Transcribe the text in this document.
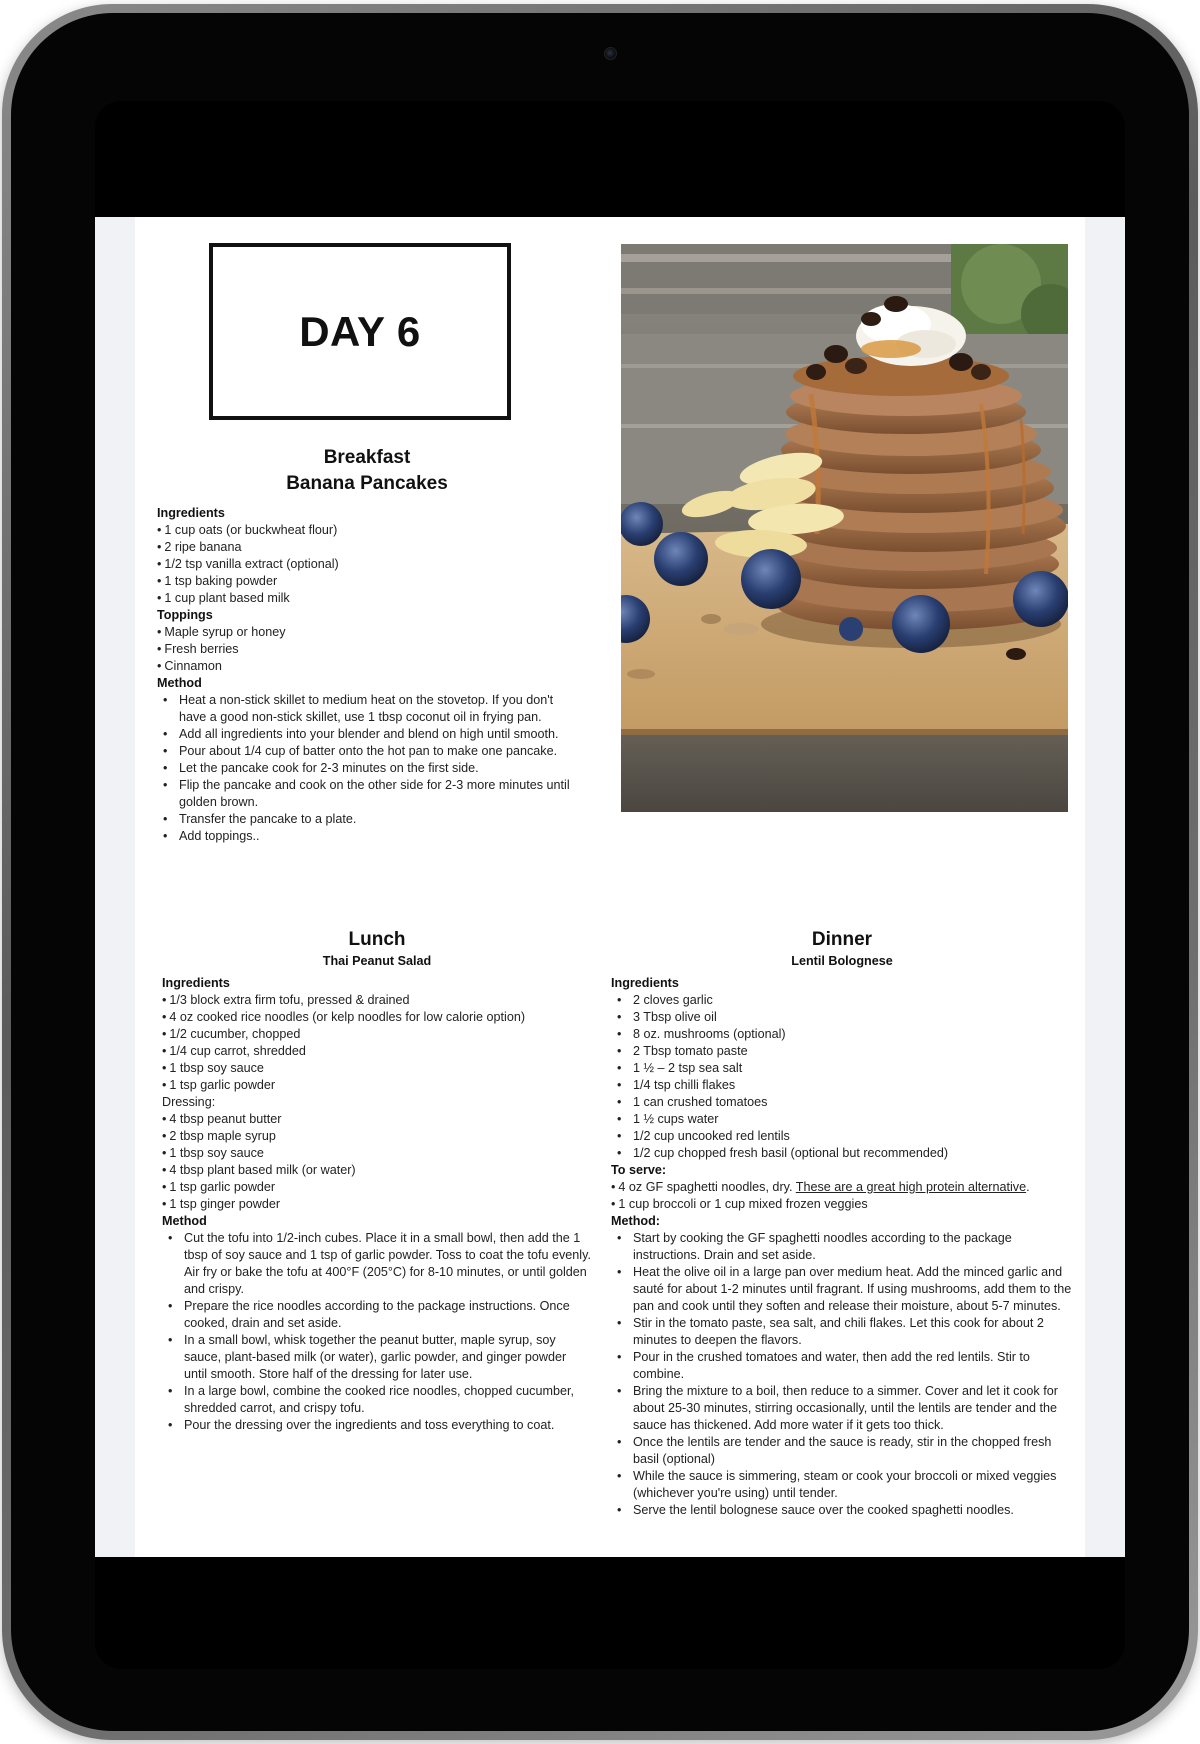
DAY 6
Breakfast
Banana Pancakes
Ingredients
• 1 cup oats (or buckwheat flour)
• 2 ripe banana
• 1/2 tsp vanilla extract (optional)
• 1 tsp baking powder
• 1 cup plant based milk
Toppings
• Maple syrup or honey
• Fresh berries
• Cinnamon
Method
• Heat a non-stick skillet to medium heat on the stovetop. If you don't have a good non-stick skillet, use 1 tbsp coconut oil in frying pan.
• Add all ingredients into your blender and blend on high until smooth.
• Pour about 1/4 cup of batter onto the hot pan to make one pancake.
• Let the pancake cook for 2-3 minutes on the first side.
• Flip the pancake and cook on the other side for 2-3 more minutes until golden brown.
• Transfer the pancake to a plate.
• Add toppings..
Lunch
Thai Peanut Salad
Ingredients
• 1/3 block extra firm tofu, pressed & drained
• 4 oz cooked rice noodles (or kelp noodles for low calorie option)
• 1/2 cucumber, chopped
• 1/4 cup carrot, shredded
• 1 tbsp soy sauce
• 1 tsp garlic powder
Dressing:
• 4 tbsp peanut butter
• 2 tbsp maple syrup
• 1 tbsp soy sauce
• 4 tbsp plant based milk (or water)
• 1 tsp garlic powder
• 1 tsp ginger powder
Method
• Cut the tofu into 1/2-inch cubes. Place it in a small bowl, then add the 1 tbsp of soy sauce and 1 tsp of garlic powder. Toss to coat the tofu evenly. Air fry or bake the tofu at 400°F (205°C) for 8-10 minutes, or until golden and crispy.
• Prepare the rice noodles according to the package instructions. Once cooked, drain and set aside.
• In a small bowl, whisk together the peanut butter, maple syrup, soy sauce, plant-based milk (or water), garlic powder, and ginger powder until smooth. Store half of the dressing for later use.
• In a large bowl, combine the cooked rice noodles, chopped cucumber, shredded carrot, and crispy tofu.
• Pour the dressing over the ingredients and toss everything to coat.
Dinner
Lentil Bolognese
Ingredients
• 2 cloves garlic
• 3 Tbsp olive oil
• 8 oz. mushrooms (optional)
• 2 Tbsp tomato paste
• 1 ½ – 2 tsp sea salt
• 1/4 tsp chilli flakes
• 1 can crushed tomatoes
• 1 ½ cups water
• 1/2 cup uncooked red lentils
• 1/2 cup chopped fresh basil (optional but recommended)
To serve:
• 4 oz GF spaghetti noodles, dry. These are a great high protein alternative.
• 1 cup broccoli or 1 cup mixed frozen veggies
Method:
• Start by cooking the GF spaghetti noodles according to the package instructions. Drain and set aside.
• Heat the olive oil in a large pan over medium heat. Add the minced garlic and sauté for about 1-2 minutes until fragrant. If using mushrooms, add them to the pan and cook until they soften and release their moisture, about 5-7 minutes.
• Stir in the tomato paste, sea salt, and chili flakes. Let this cook for about 2 minutes to deepen the flavors.
• Pour in the crushed tomatoes and water, then add the red lentils. Stir to combine.
• Bring the mixture to a boil, then reduce to a simmer. Cover and let it cook for about 25-30 minutes, stirring occasionally, until the lentils are tender and the sauce has thickened. Add more water if it gets too thick.
• Once the lentils are tender and the sauce is ready, stir in the chopped fresh basil (optional)
• While the sauce is simmering, steam or cook your broccoli or mixed veggies (whichever you're using) until tender.
• Serve the lentil bolognese sauce over the cooked spaghetti noodles.
